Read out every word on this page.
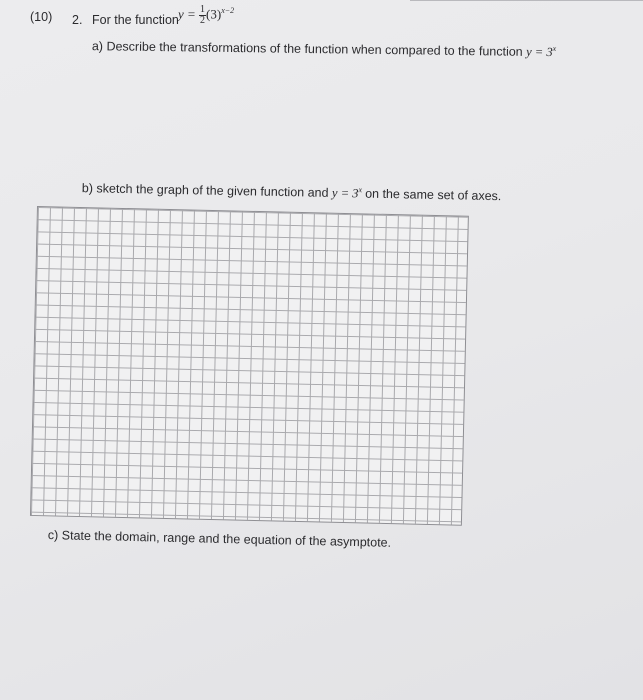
(10) 2. For the function $y = \frac{1}{2} (3)^{x-2}$
a) Describe the transformations of the function when compared to the function $y = 3^x$
b) sketch the graph of the given function and $y = 3^x$ on the same set of axes.
c) State the domain, range and the equation of the asymptote.
